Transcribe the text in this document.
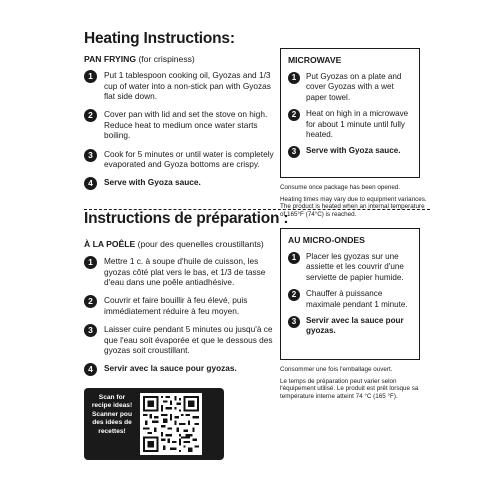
Heating Instructions:
PAN FRYING (for crispiness)
1	Put 1 tablespoon cooking oil, Gyozas and 1/3 cup of water into a non-stick pan with Gyozas flat side down.
2	Cover pan with lid and set the stove on high. Reduce heat to medium once water starts boiling.
3	Cook for 5 minutes or until water is completely evaporated and Gyoza bottoms are crispy.
4	Serve with Gyoza sauce.
MICROWAVE
1	Put Gyozas on a plate and cover Gyozas with a wet paper towel.
2	Heat on high in a microwave for about 1 minute until fully heated.
3	Serve with Gyoza sauce.
Consume once package has been opened.
Heating times may vary due to equipment variances. The product is heated when an internal temperature of 165°F (74°C) is reached.
Instructions de préparation :
À LA POÊLE (pour des quenelles croustillants)
1	Mettre 1 c. à soupe d'huile de cuisson, les gyozas côté plat vers le bas, et 1/3 de tasse d'eau dans une poêle antiadhésive.
2	Couvrir et faire bouillir à feu élevé, puis immédiatement réduire à feu moyen.
3	Laisser cuire pendant 5 minutes ou jusqu'à ce que l'eau soit évaporée et que le dessous des gyozas soit croustillant.
4	Servir avec la sauce pour gyozas.
AU MICRO-ONDES
1	Placer les gyozas sur une assiette et les couvrir d'une serviette de papier humide.
2	Chauffer à puissance maximale pendant 1 minute.
3	Servir avec la sauce pour gyozas.
Consommer une fois l'emballage ouvert.
Le temps de préparation peut varier selon l'équipement utilisé. Le produit est prêt lorsque sa température interne atteint 74 °C (165 °F).
Scan for
recipe ideas!
Scanner pou
des idées de
recettes!
